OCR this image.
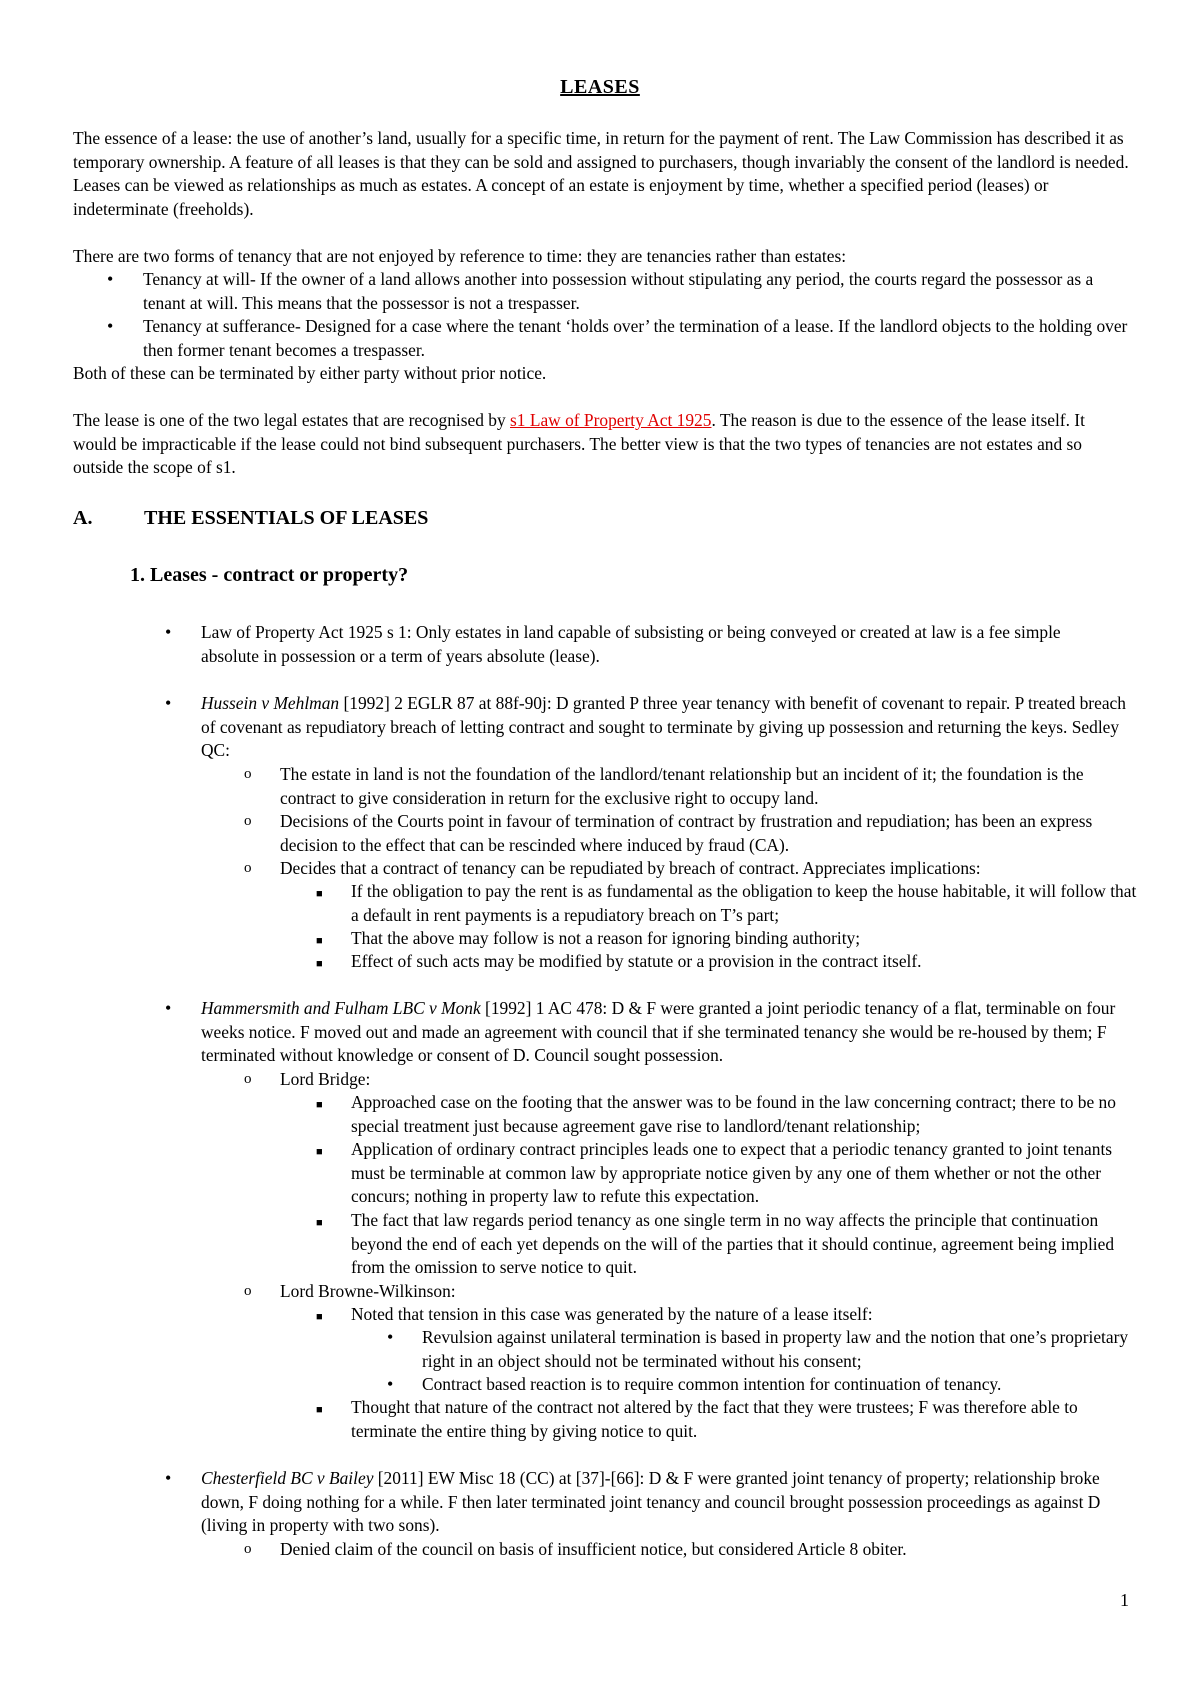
LEASES
The essence of a lease: the use of another’s land, usually for a specific time, in return for the payment of rent. The Law Commission has described it as temporary ownership. A feature of all leases is that they can be sold and assigned to purchasers, though invariably the consent of the landlord is needed. Leases can be viewed as relationships as much as estates. A concept of an estate is enjoyment by time, whether a specified period (leases) or indeterminate (freeholds).
There are two forms of tenancy that are not enjoyed by reference to time: they are tenancies rather than estates:
• Tenancy at will- If the owner of a land allows another into possession without stipulating any period, the courts regard the possessor as a tenant at will. This means that the possessor is not a trespasser.
• Tenancy at sufferance- Designed for a case where the tenant ‘holds over’ the termination of a lease. If the landlord objects to the holding over then former tenant becomes a trespasser.
Both of these can be terminated by either party without prior notice.
The lease is one of the two legal estates that are recognised by s1 Law of Property Act 1925. The reason is due to the essence of the lease itself. It would be impracticable if the lease could not bind subsequent purchasers. The better view is that the two types of tenancies are not estates and so outside the scope of s1.
A.	THE ESSENTIALS OF LEASES
1. Leases - contract or property?
• Law of Property Act 1925 s 1: Only estates in land capable of subsisting or being conveyed or created at law is a fee simple absolute in possession or a term of years absolute (lease).
• Hussein v Mehlman [1992] 2 EGLR 87 at 88f-90j: D granted P three year tenancy with benefit of covenant to repair. P treated breach of covenant as repudiatory breach of letting contract and sought to terminate by giving up possession and returning the keys. Sedley QC:
o The estate in land is not the foundation of the landlord/tenant relationship but an incident of it; the foundation is the contract to give consideration in return for the exclusive right to occupy land.
o Decisions of the Courts point in favour of termination of contract by frustration and repudiation; has been an express decision to the effect that can be rescinded where induced by fraud (CA).
o Decides that a contract of tenancy can be repudiated by breach of contract. Appreciates implications:
■ If the obligation to pay the rent is as fundamental as the obligation to keep the house habitable, it will follow that a default in rent payments is a repudiatory breach on T’s part;
■ That the above may follow is not a reason for ignoring binding authority;
■ Effect of such acts may be modified by statute or a provision in the contract itself.
• Hammersmith and Fulham LBC v Monk [1992] 1 AC 478: D & F were granted a joint periodic tenancy of a flat, terminable on four weeks notice. F moved out and made an agreement with council that if she terminated tenancy she would be re-housed by them; F terminated without knowledge or consent of D. Council sought possession.
o Lord Bridge:
■ Approached case on the footing that the answer was to be found in the law concerning contract; there to be no special treatment just because agreement gave rise to landlord/tenant relationship;
■ Application of ordinary contract principles leads one to expect that a periodic tenancy granted to joint tenants must be terminable at common law by appropriate notice given by any one of them whether or not the other concurs; nothing in property law to refute this expectation.
■ The fact that law regards period tenancy as one single term in no way affects the principle that continuation beyond the end of each yet depends on the will of the parties that it should continue, agreement being implied from the omission to serve notice to quit.
o Lord Browne-Wilkinson:
■ Noted that tension in this case was generated by the nature of a lease itself:
• Revulsion against unilateral termination is based in property law and the notion that one’s proprietary right in an object should not be terminated without his consent;
• Contract based reaction is to require common intention for continuation of tenancy.
■ Thought that nature of the contract not altered by the fact that they were trustees; F was therefore able to terminate the entire thing by giving notice to quit.
• Chesterfield BC v Bailey [2011] EW Misc 18 (CC) at [37]-[66]: D & F were granted joint tenancy of property; relationship broke down, F doing nothing for a while. F then later terminated joint tenancy and council brought possession proceedings as against D (living in property with two sons).
o Denied claim of the council on basis of insufficient notice, but considered Article 8 obiter.
1
